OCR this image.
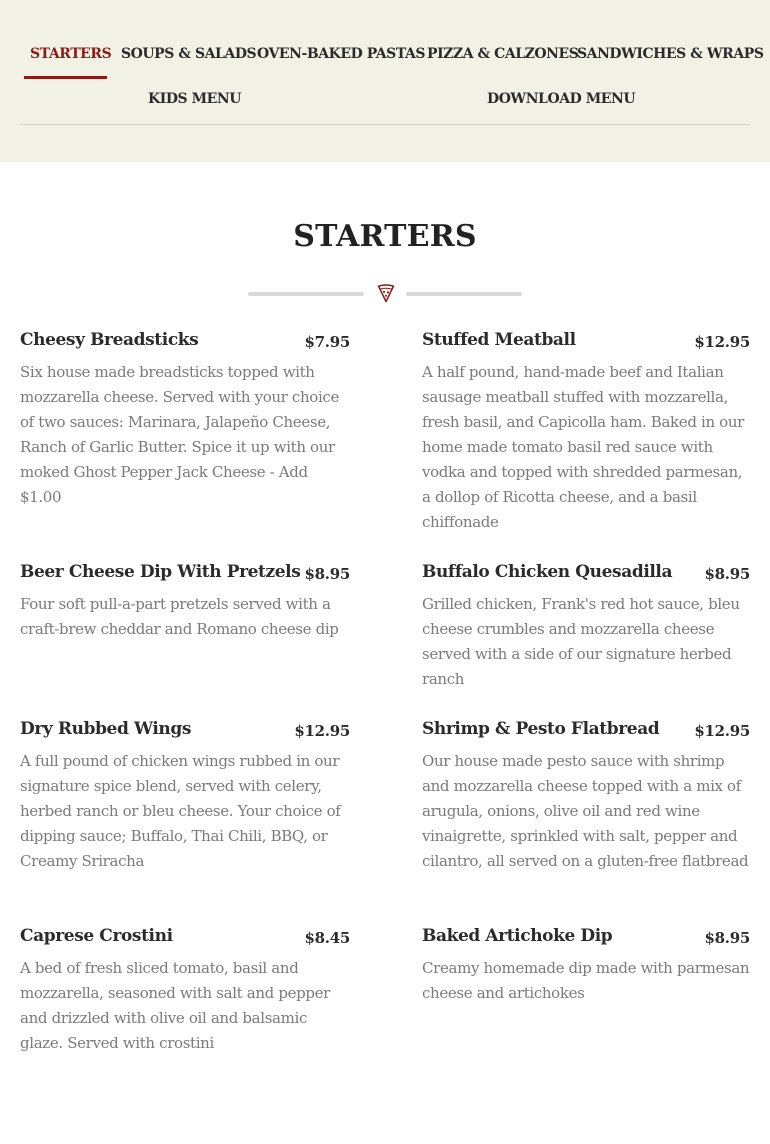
STARTERS SOUPS & SALADS OVEN-BAKED PASTAS PIZZA & CALZONES
SANDWICHES & WRAPS
KIDS MENU	DOWNLOAD MENU
STARTERS
Cheesy Breadsticks	$7.95
Six house made breadsticks topped with mozzarella cheese. Served with your choice of two sauces: Marinara, Jalapeño Cheese, Ranch of Garlic Butter. Spice it up with our moked Ghost Pepper Jack Cheese - Add $1.00
Stuffed Meatball	$12.95
A half pound, hand-made beef and Italian sausage meatball stuffed with mozzarella, fresh basil, and Capicolla ham. Baked in our home made tomato basil red sauce with vodka and topped with shredded parmesan, a dollop of Ricotta cheese, and a basil chiffonade
Beer Cheese Dip With Pretzels $8.95
Four soft pull-a-part pretzels served with a craft-brew cheddar and Romano cheese dip
Buffalo Chicken Quesadilla $8.95
Grilled chicken, Frank's red hot sauce, bleu cheese crumbles and mozzarella cheese served with a side of our signature herbed ranch
Dry Rubbed Wings	$12.95
A full pound of chicken wings rubbed in our signature spice blend, served with celery, herbed ranch or bleu cheese. Your choice of dipping sauce; Buffalo, Thai Chili, BBQ, or Creamy Sriracha
Shrimp & Pesto Flatbread $12.95
Our house made pesto sauce with shrimp and mozzarella cheese topped with a mix of arugula, onions, olive oil and red wine vinaigrette, sprinkled with salt, pepper and cilantro, all served on a gluten-free flatbread
Caprese Crostini	$8.45
A bed of fresh sliced tomato, basil and mozzarella, seasoned with salt and pepper and drizzled with olive oil and balsamic glaze. Served with crostini
Baked Artichoke Dip	$8.95
Creamy homemade dip made with parmesan cheese and artichokes
